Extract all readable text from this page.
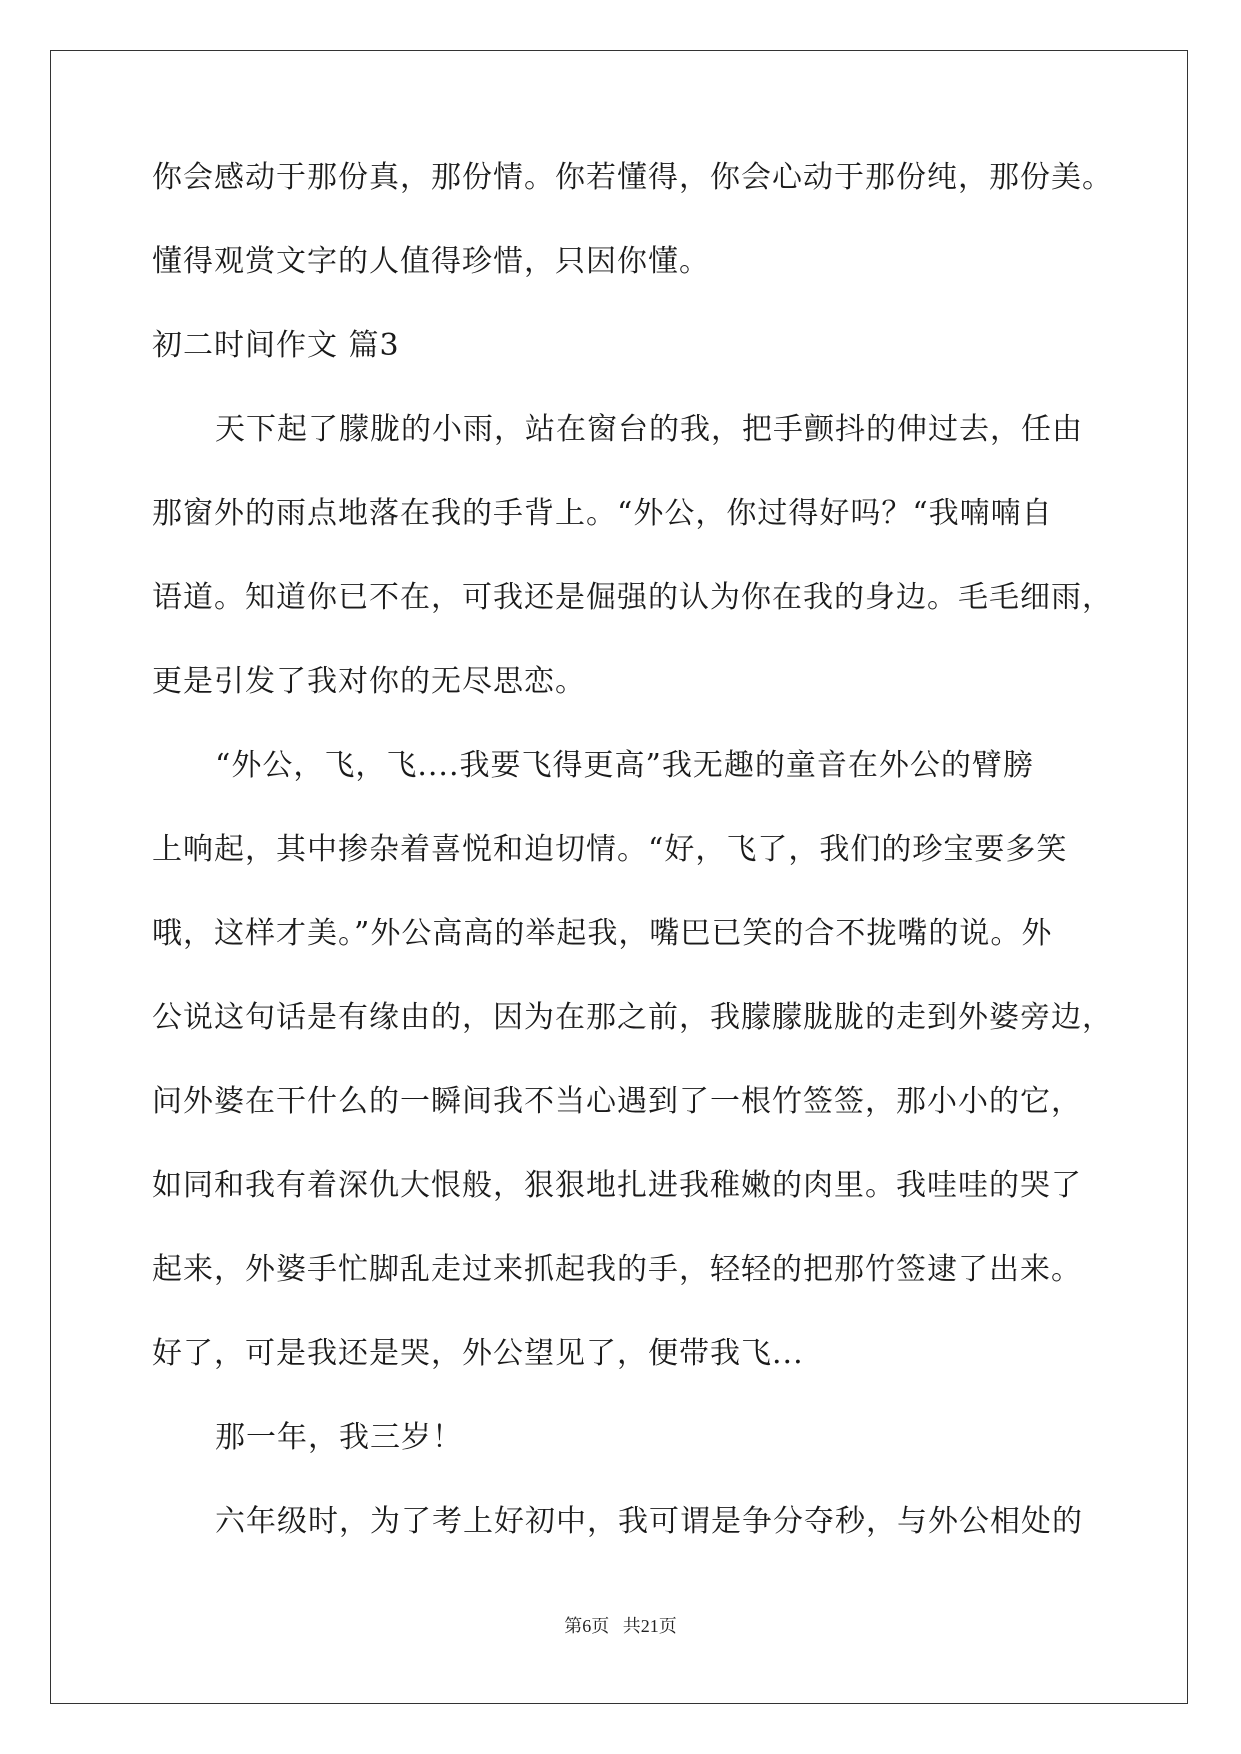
你会感动于那份真，那份情。你若懂得，你会心动于那份纯，那份美。
懂得观赏文字的人值得珍惜，只因你懂。
初二时间作文 篇3
天下起了朦胧的小雨，站在窗台的我，把手颤抖的伸过去，任由
那窗外的雨点地落在我的手背上。“外公，你过得好吗？“我喃喃自
语道。知道你已不在，可我还是倔强的认为你在我的身边。毛毛细雨，
更是引发了我对你的无尽思恋。
“外公，飞，飞....我要飞得更高”我无趣的童音在外公的臂膀
上响起，其中掺杂着喜悦和迫切情。“好，飞了，我们的珍宝要多笑
哦，这样才美。”外公高高的举起我，嘴巴已笑的合不拢嘴的说。外
公说这句话是有缘由的，因为在那之前，我朦朦胧胧的走到外婆旁边，
问外婆在干什么的一瞬间我不当心遇到了一根竹签签，那小小的它，
如同和我有着深仇大恨般，狠狠地扎进我稚嫩的肉里。我哇哇的哭了
起来，外婆手忙脚乱走过来抓起我的手，轻轻的把那竹签逮了出来。
好了，可是我还是哭，外公望见了，便带我飞...
那一年，我三岁！
六年级时，为了考上好初中，我可谓是争分夺秒，与外公相处的
第6页   共21页
